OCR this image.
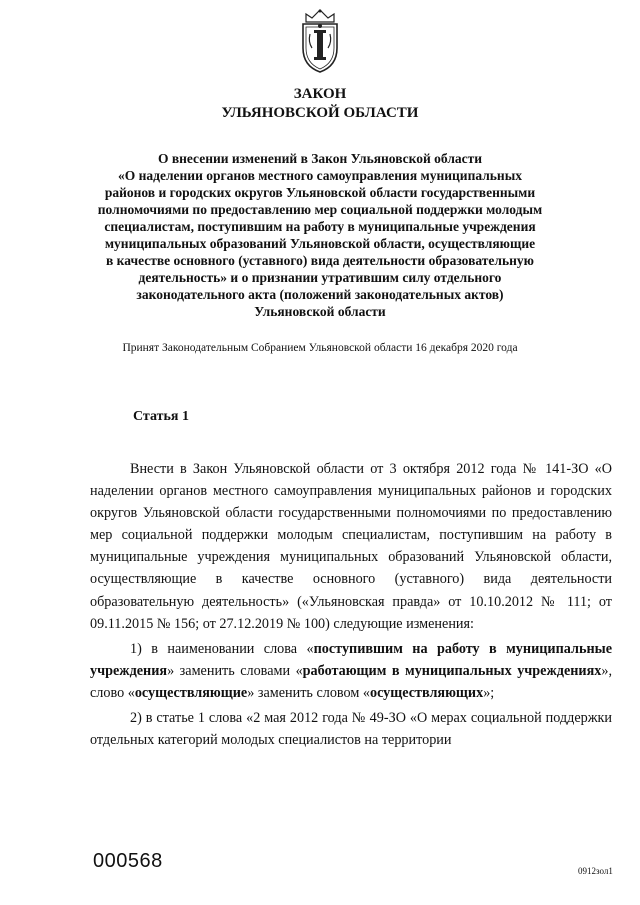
ЗАКОН
УЛЬЯНОВСКОЙ ОБЛАСТИ
О внесении изменений в Закон Ульяновской области
«О наделении органов местного самоуправления муниципальных
районов и городских округов Ульяновской области государственными
полномочиями по предоставлению мер социальной поддержки молодым
специалистам, поступившим на работу в муниципальные учреждения
муниципальных образований Ульяновской области, осуществляющие
в качестве основного (уставного) вида деятельности образовательную
деятельность» и о признании утратившим силу отдельного
законодательного акта (положений законодательных актов)
Ульяновской области
Принят Законодательным Собранием Ульяновской области 16 декабря 2020 года
Статья 1

Внести в Закон Ульяновской области от 3 октября 2012 года № 141-ЗО «О наделении органов местного самоуправления муниципальных районов и городских округов Ульяновской области государственными полномочиями по предоставлению мер социальной поддержки молодым специалистам, поступившим на работу в муниципальные учреждения муниципальных образований Ульяновской области, осуществляющие в качестве основного (уставного) вида деятельности образовательную деятельность» («Ульяновская правда» от 10.10.2012 № 111; от 09.11.2015 № 156; от 27.12.2019 № 100) следующие изменения:

1) в наименовании слова «поступившим на работу в муниципальные учреждения» заменить словами «работающим в муниципальных учреждениях», слово «осуществляющие» заменить словом «осуществляющих»;

2) в статье 1 слова «2 мая 2012 года № 49-ЗО «О мерах социальной поддержки отдельных категорий молодых специалистов на территории

000568	0912зол1
